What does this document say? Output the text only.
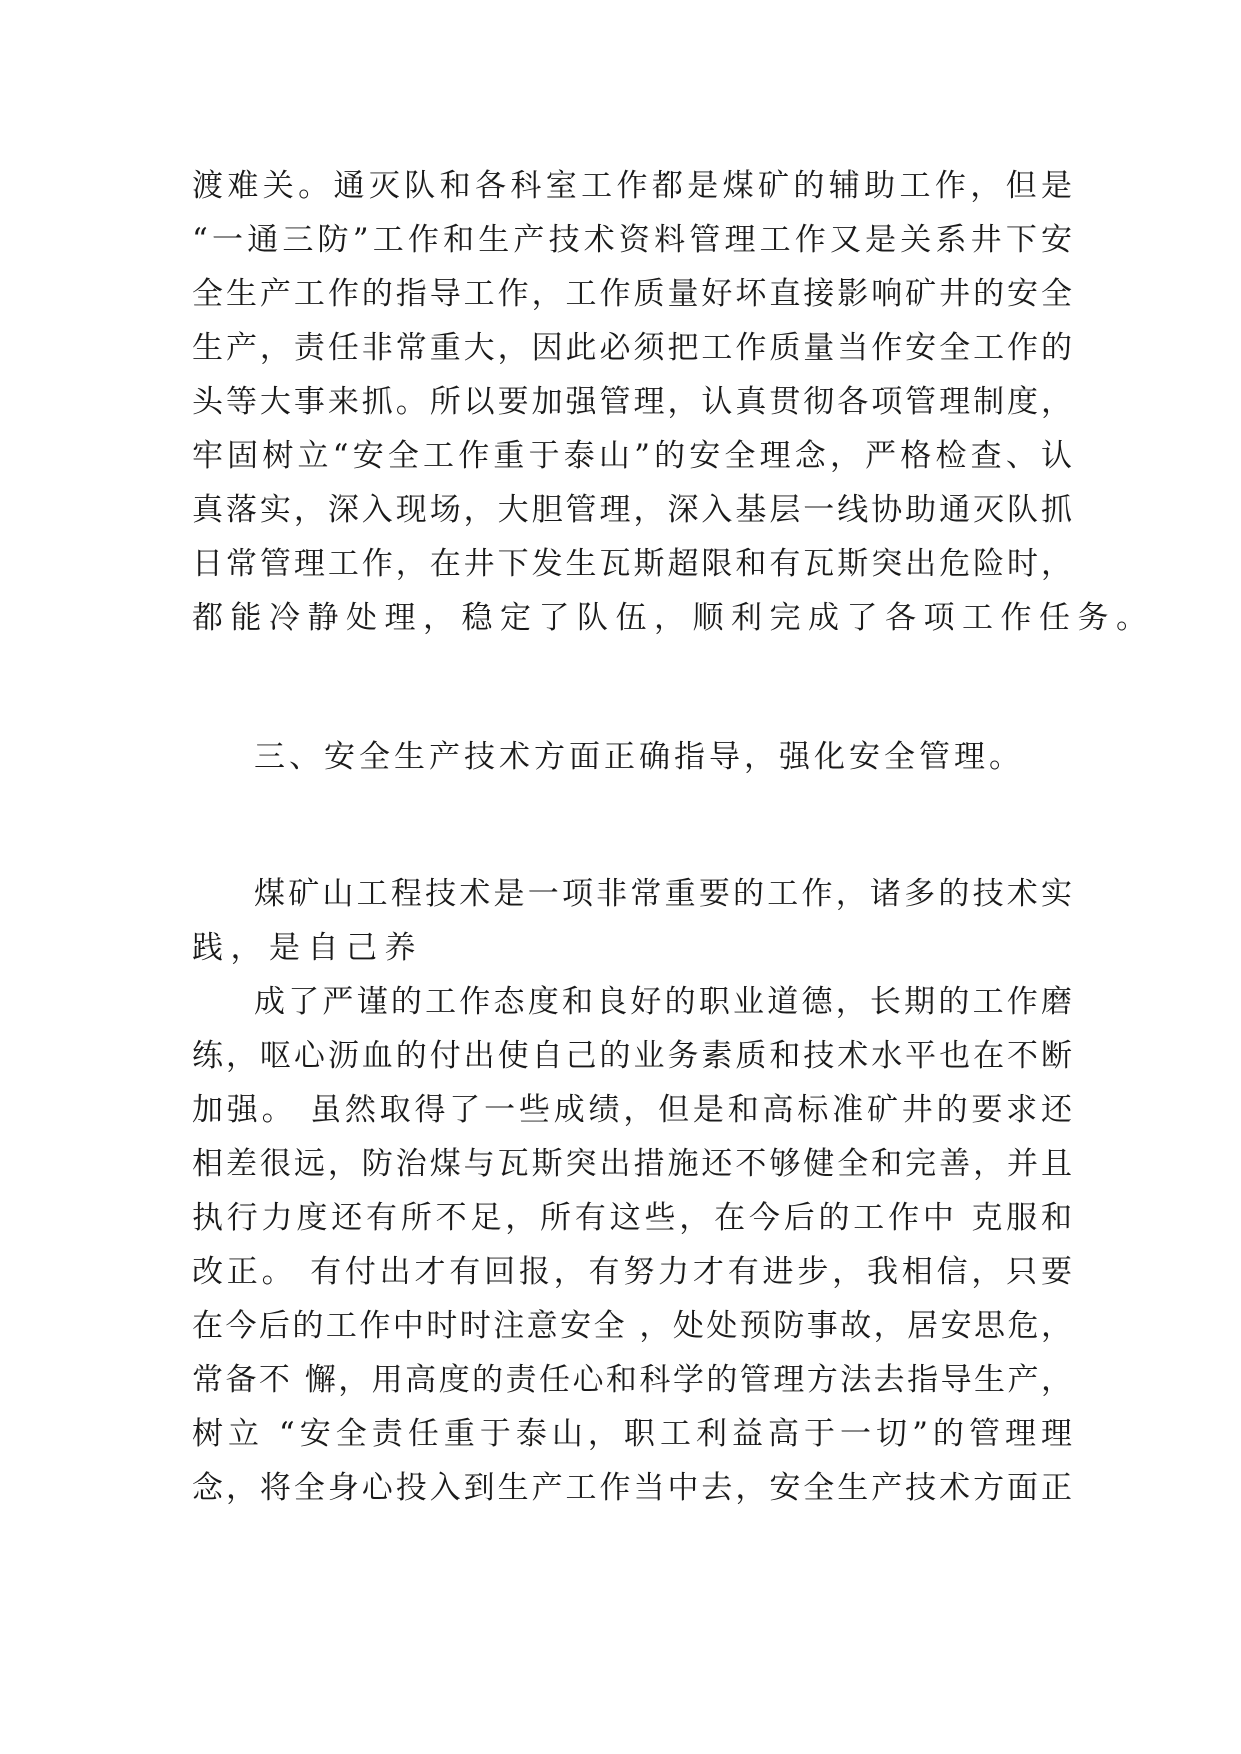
渡难关。通灭队和各科室工作都是煤矿的辅助工作，但是
“一通三防”工作和生产技术资料管理工作又是关系井下安
全生产工作的指导工作，工作质量好坏直接影响矿井的安全
生产，责任非常重大，因此必须把工作质量当作安全工作的
头等大事来抓。所以要加强管理，认真贯彻各项管理制度，
牢固树立“安全工作重于泰山”的安全理念，严格检查、认
真落实，深入现场，大胆管理，深入基层一线协助通灭队抓
日常管理工作，在井下发生瓦斯超限和有瓦斯突出危险时，
都能冷静处理，稳定了队伍，顺利完成了各项工作任务。
三、安全生产技术方面正确指导，强化安全管理。
煤矿山工程技术是一项非常重要的工作，诸多的技术实
践，是自己养
成了严谨的工作态度和良好的职业道德，长期的工作磨
练，呕心沥血的付出使自己的业务素质和技术水平也在不断
加强。 虽然取得了一些成绩，但是和高标准矿井的要求还
相差很远，防治煤与瓦斯突出措施还不够健全和完善，并且
执行力度还有所不足，所有这些，在今后的工作中 克服和
改正。 有付出才有回报，有努力才有进步，我相信，只要
在今后的工作中时时注意安全 ，处处预防事故，居安思危，
常备不 懈，用高度的责任心和科学的管理方法去指导生产，
树立 “安全责任重于泰山，职工利益高于一切”的管理理
念，将全身心投入到生产工作当中去，安全生产技术方面正
